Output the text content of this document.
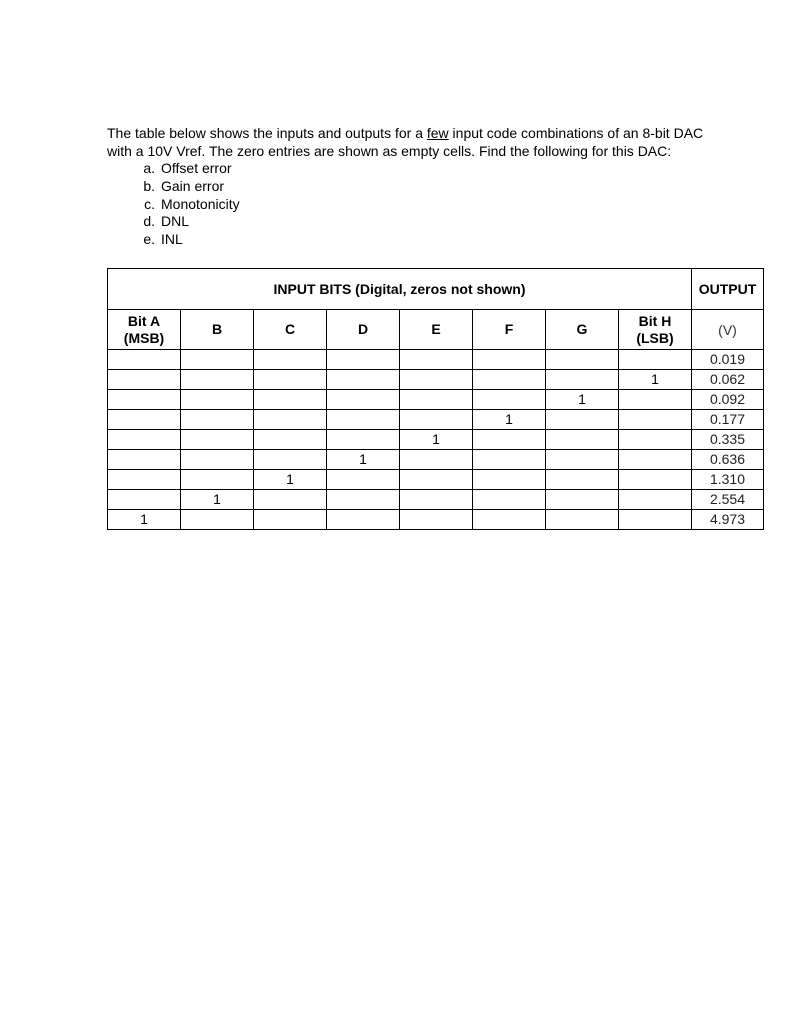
The table below shows the inputs and outputs for a few input code combinations of an 8-bit DAC

with a 10V Vref. The zero entries are shown as empty cells. Find the following for this DAC:

a. Offset error
b. Gain error
c. Monotonicity
d. DNL
e. INL
INPUT BITS (Digital, zeros not shown)								OUTPUT
Bit A
(MSB)	B	C	D	E	F	G	Bit H
(LSB)	(V)
								0.019
							1	0.062
						1		0.092
					1			0.177
				1				0.335
			1					0.636
		1						1.310
	1							2.554
1								4.973
